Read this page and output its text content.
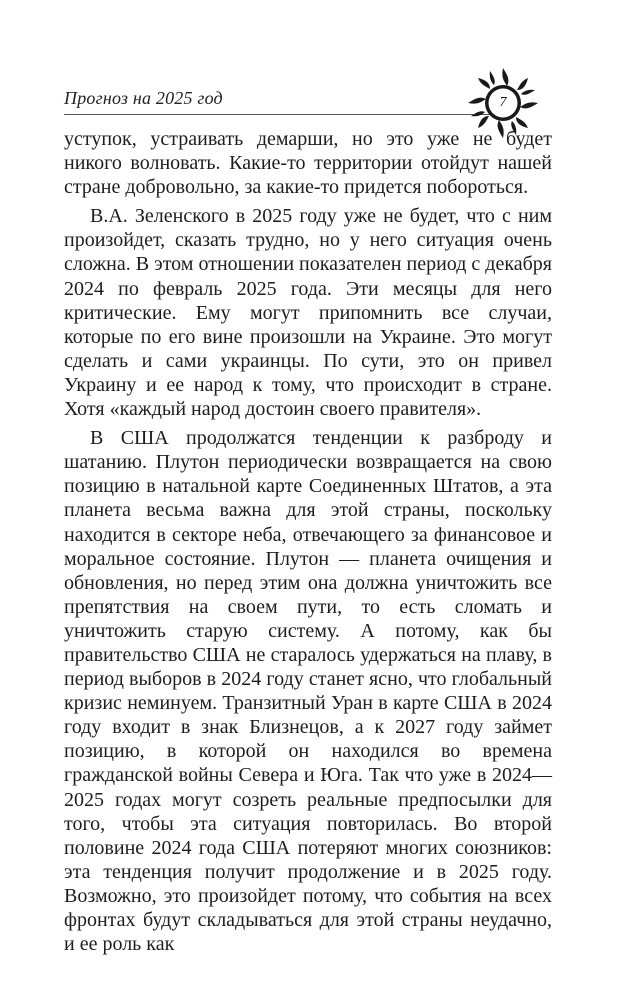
Прогноз на 2025 год	7

уступок, устраивать демарши, но это уже не будет никого волновать. Какие-то территории отойдут нашей стране добровольно, за какие-то придется побороться.

В.А. Зеленского в 2025 году уже не будет, что с ним произойдет, сказать трудно, но у него ситуация очень сложна. В этом отношении показателен период с декабря 2024 по февраль 2025 года. Эти месяцы для него критические. Ему могут припомнить все случаи, которые по его вине произошли на Украине. Это могут сделать и сами украинцы. По сути, это он привел Украину и ее народ к тому, что происходит в стране. Хотя «каждый народ достоин своего правителя».

В США продолжатся тенденции к разброду и шатанию. Плутон периодически возвращается на свою позицию в натальной карте Соединенных Штатов, а эта планета весьма важна для этой страны, поскольку находится в секторе неба, отвечающего за финансовое и моральное состояние. Плутон — планета очищения и обновления, но перед этим она должна уничтожить все препятствия на своем пути, то есть сломать и уничтожить старую систему. А потому, как бы правительство США не старалось удержаться на плаву, в период выборов в 2024 году станет ясно, что глобальный кризис неминуем. Транзитный Уран в карте США в 2024 году входит в знак Близнецов, а к 2027 году займет позицию, в которой он находился во времена гражданской войны Севера и Юга. Так что уже в 2024—2025 годах могут созреть реальные предпосылки для того, чтобы эта ситуация повторилась. Во второй половине 2024 года США потеряют многих союзников: эта тенденция получит продолжение и в 2025 году. Возможно, это произойдет потому, что события на всех фронтах будут складываться для этой страны неудачно, и ее роль как
